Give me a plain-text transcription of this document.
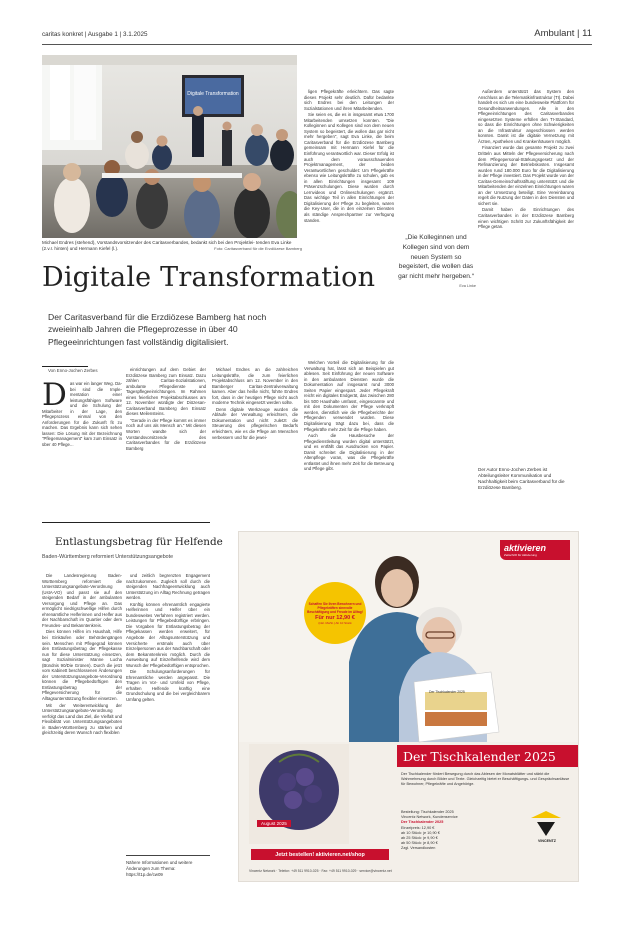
caritas konkret | Ausgabe 1 | 3.1.2025	Ambulant | 11
Digitale Transformation
Michael Endres (stehend), Vorstandsvorsitzender des Caritasverbandes, bedankt sich bei den Projektlei- tenden Eva Linke (2.v.r. hinten) und Hermann Kiefel (l.).	Foto: Caritasverband für die Erzdiözese Bamberg
Digitale Transformation
Der Caritasverband für die Erzdiözese Bamberg hat noch zweieinhalb Jahren die Pflegeprozesse in über 40 Pflegeeinrichtungen fast vollständig digitalisiert.
Von Enno-Jochen Zerbes
D as war ein langer Weg. Da- bei sind die Imple- mentation einer leistungsfähigen Software und die Schulung der Mitarbeiter in der Lage, den Pflegeprozess einmal von den Anforderungen für die Zukunft fit zu machen. Das Ergebnis kann sich sehen lassen: Die Lösung mit der Bezeichnung "Pflegemanagement" kam zum Einsatz in über 40 Pflege...

einrichtungen auf dem Gebiet der Erzdiözese Bamberg zum Einsatz. Dazu zählen Caritas-Sozialstationen, ambulante Pflegedienste und Tagespflegeeinrichtungen. Im Rahmen eines feierlichen Projektabschlusses am 12. November würdigte der Diözesan-Caritasverband Bamberg den Einsatz dieses Meilensteins.

"Gerade in der Pflege kommt es immer noch auf uns als Mensch an." Mit diesen Worten wandte sich der Vorstandsvorsitzende des Caritasverbandes für die Erzdiözese Bamberg

Michael Endres an die zahlreichen Leitungskräfte, die zum feierlichen Projektabschluss am 12. November in den Bamberger Caritas-Zentralverwaltung kamen. Aber das heiße nicht, führte Endres fort, dass in der heutigen Pflege nicht auch moderne Technik eingesetzt werden sollte.

Denn digitale Werkzeuge wurden die Abläufe der Verwaltung erleichtern, die Dokumentation und nicht zuletzt die Steuerung des pflegerischen Bedarfs erleichtern, wie es die Pflege am Menschen verbessern und für die jewei-

ligen Pflegekräfte erleichtern. Das sagte dieses Projekt sehr deutlich. Dafür bedankte sich Endres bei den Leitungen der Sozialstationen und ihren Mitarbeitenden.

Sie seien es, die es in insgesamt etwa 1700 Mitarbeitenden umsetzen konnten. "Die Kolleginnen und Kollegen sind von dem neuen System so begeistert, die wollen das gar nicht mehr hergeben", sagt Eva Linke, die beim Caritasverband für die Erzdiözese Bamberg gemeinsam mit Hermann Kiefel für die Einführung verantwortlich war. Dieser Erfolg ist auch dem vorausschauenden Projektmanagement, der beiden Verantwortlichen geschuldet: Um Pflegekräfte ebenso wie Leitungskräfte zu schulen, gab es in allen Einrichtungen insgesamt 109 Präsenzschulungen. Diese wurden durch Lernvideos und Onlineschulungen ergänzt. Das wichtige Teil in allen Einrichtungen der Digitalisierung der Pflege zu begleiten, waren die Key-User, die in den einzelnen Diensten als ständige Ansprechpartner zur Verfügung standen.

Welchen Vorteil die Digitalisierung für die Verwaltung hat, lässt sich an Beispielen gut ablesen. Seit Einführung der neuen Software in den ambulanten Diensten wurde die Dokumentation auf insgesamt rund 3000 Seiten Papier eingespart. Jeder Pflegekraft reicht ein digitales Endgerät, das zwischen 280 bis 500 Haushalte umfasst, eingescannte und mit den Dokumenten der Pflege verknüpft werden, dienstlich wie die Pflegeberichte der Pflegenden verwendet wurden. Diese Digitalisierung trägt dazu bei, dass die Pflegekräfte mehr Zeit für die Pflege haben.

Auch die Hausbesuche der Pflegedienstleitung wurden digital unterstützt, und es entfällt das Ausdrucken von Papier. Damit schreitet die Digitalisierung in der Altenpflege voran, was die Pflegekräfte entlastet und ihnen mehr Zeit für die Betreuung und Pflege gibt.

„Die Kolleginnen und Kollegen sind von dem neuen System so begeistert, die wollen das gar nicht mehr hergeben.“
Eva Linke

Außerdem unterstützt das System den Anschluss an die Telematikinfrastruktur (TI). Dabei handelt es sich um eine bundesweite Plattform für Gesundheitsanwendungen. Alle in den Pflegeeinrichtungen des Caritasverbandes eingesetzten Systeme erfüllen den TI-Standard, so dass die Einrichtungen ohne Schwierigkeiten an die Infrastruktur angeschlossen werden konnten. Damit ist die digitale Vernetzung mit Ärzten, Apotheken und Krankenhäusern möglich.

Finanziert wurde das gesamte Projekt zu zwei Dritteln aus Mitteln der Pflegeversicherung nach dem Pflegepersonal-Stärkungsgesetz und der Refinanzierung der Betriebskosten. Insgesamt wurden rund 180.000 Euro für die Digitalisierung in der Pflege investiert. Das Projekt wurde von der Caritas-Gemeinschaftsstiftung unterstützt und die Mitarbeitenden der einzelnen Einrichtungen waren an der Umsetzung beteiligt. Eine Vereinbarung regelt die Nutzung der Daten in den Diensten und sichert sie.

Damit haben die Einrichtungen des Caritasverbandes in der Erzdiözese Bamberg einen wichtigen Schritt zur Zukunftsfähigkeit der Pflege getan.

Der Autor Enno-Jochen Zerbes ist Abteilungsleiter Kommunikation und Nachhaltigkeit beim Caritasverband für die Erzdiözese Bamberg.
Entlastungsbetrag für Helfende
Baden-Württemberg reformiert Unterstützungsangebote

Die Landesregierung Baden-Württemberg reformiert die Unterstützungsangebote-Verordnung (UstA-VO) und passt sie auf den steigenden Bedarf in der ambulanten Versorgung und Pflege an. Das ermöglicht niedrigschwellige Hilfen durch ehrenamtliche Helferinnen und Helfer aus der Nachbarschaft im Quartier oder dem Freundes- und Bekanntenkreis.

Dies können Hilfen im Haushalt, Hilfe bei Einkäufen oder Behördengängen sein. Menschen mit Pflegegrad können den Entlastungsbetrag der Pflegekasse nun für diese Unterstützung einsetzen, sagt Sozialminister Manne Lucha (Bündnis 90/Die Grünen). Durch die jetzt vom Kabinett beschlossenen Änderungen der Unterstützungsangebote-Verordnung können die Pflegebedürftigen den Entlastungsbetrag der Pflegeversicherung für die Alltagsunterstützung flexibler einsetzen.

Mit der Weiterentwicklung der Unterstützungsangebote-Verordnung verfolgt das Land das Ziel, die Vielfalt und Flexibilität von Unterstützungsangeboten in Baden-Württemberg zu stärken und gleichzeitig deren Wunsch nach flexiblen

und zeitlich begrenzten Engagement nachzukommen. Zugleich soll durch die steigenden Nachfrageentwicklung auch Unterstützung im Alltag Rechnung getragen werden.

Künftig können ehrenamtlich engagierte Helferinnen und Helfer über ein bundesweites Verfahren registriert werden. Leistungen für Pflegebedürftige erbringen. Die Vorgaben für Entlastungsbetrag der Pflegekassen werden erweitert, für Angebote der Alltagsunterstützung und Versicherte erstmals auch über Einzelpersonen aus der Nachbarschaft oder dem Bekanntenkreis möglich. Durch die Ausweitung auf Einzelhelfende wird dem Wunsch der Pflegebedürftigen entsprochen.

Die Schulungsanforderungen für Ehrenamtliche werden angepasst. Die Tragen im Vor- und Umfeld von Pflege, erhalten Helfende künftig eine Grundschulung und die bei vergleichbarem Umfang gelten.

Nähere Informationen und weitere Änderungen zum Thema: https://t1p.de/cw09
aktivieren
Zeitschrift für Aktivierung
Schaffen Sie Ihren Bewohnern und Pflegekräften sinnvolle Beschäftigung und Freude im Alltag!
Für nur 12,90 €
(inkl. MwSt.) Ab 10 Stück
Der Tischkalender 2025
Der Tischkalender 2025
Der Tischkalender fördert Bewegung durch das Ablesen der Monatsblätter und stärkt die Wahrnehmung durch Bilder und Texte. Gleichzeitig bietet er Beschäftigungs- und Gesprächsanlässe für Bewohner, Pflegekräfte und Angehörige.
Bestellung: Tischkalender 2025
Vincentz Network, Kundenservice
Der Tischkalender 2025
Einzelpreis: 12,90 €
ab 10 Stück: je 10,90 €
ab 25 Stück: je 9,90 €
ab 50 Stück: je 8,90 €
Zzgl. Versandkosten
August 2025
VINCENTZ
Jetzt bestellen! aktivieren.net/shop
Vincentz Network · Telefon: +49 511 9910-025 · Fax: +49 511 9910-029 · service@vincentz.net
